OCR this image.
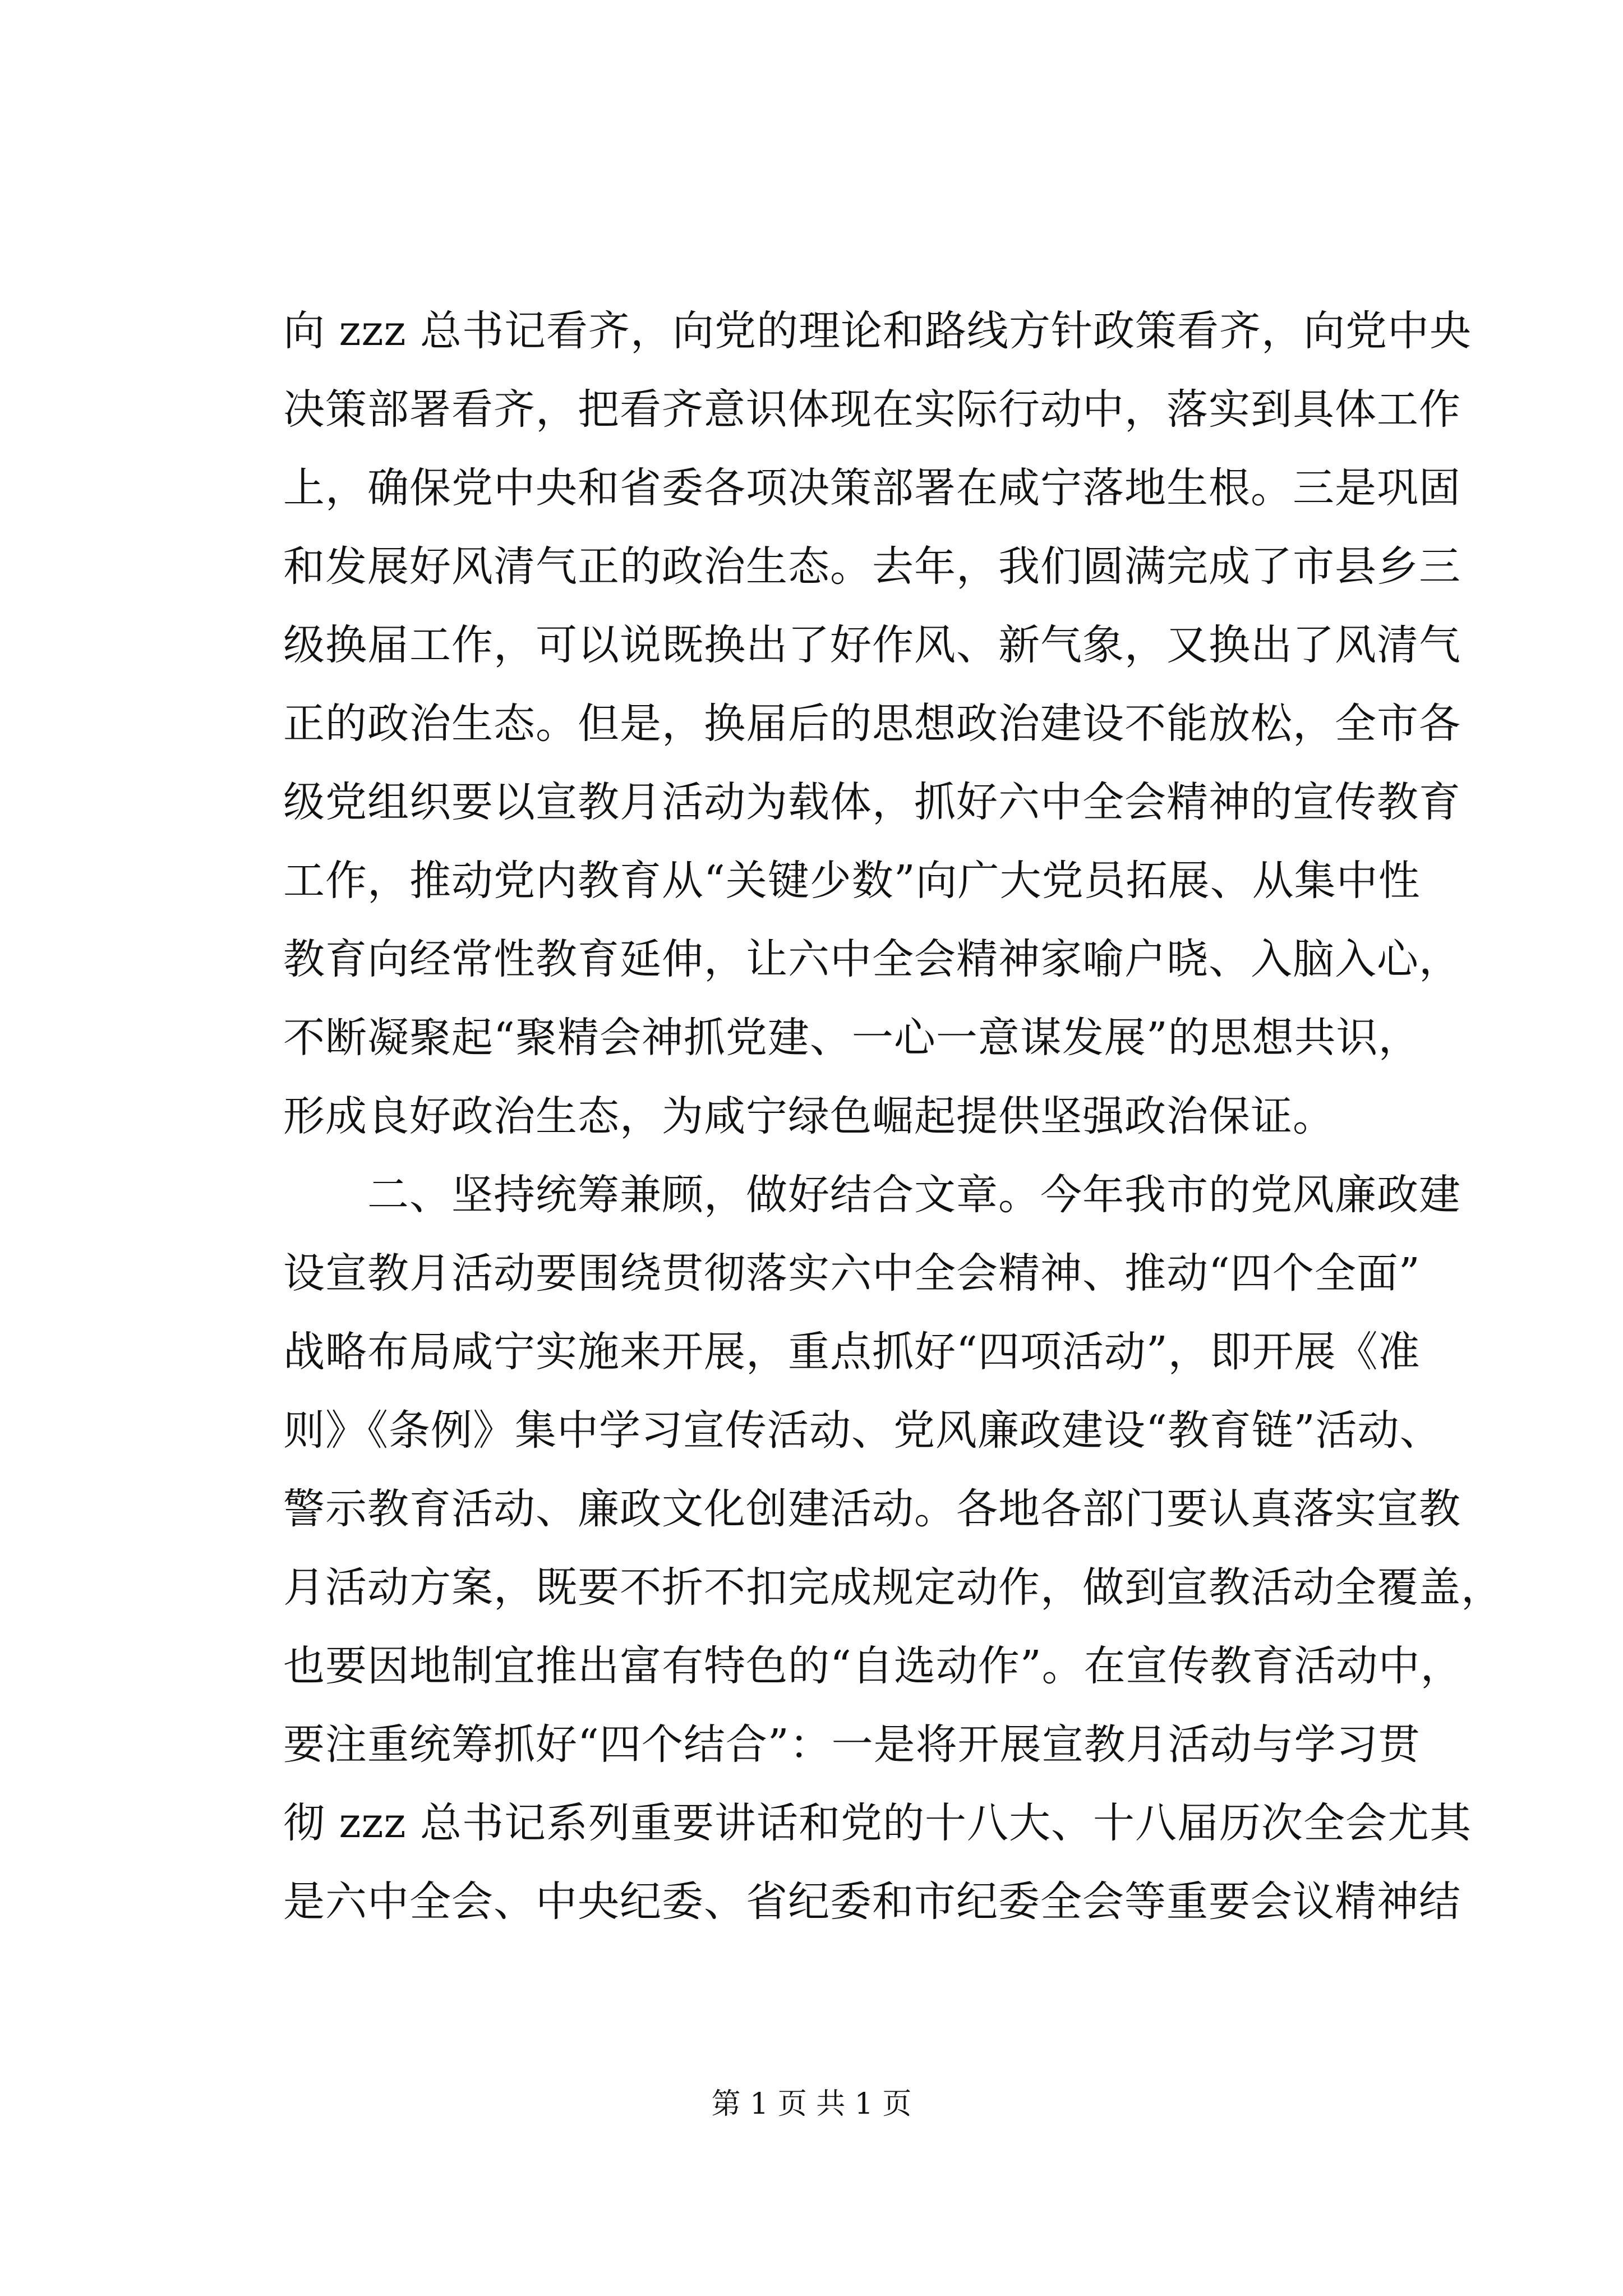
向 zzz 总书记看齐，向党的理论和路线方针政策看齐，向党中央
决策部署看齐，把看齐意识体现在实际行动中，落实到具体工作
上，确保党中央和省委各项决策部署在咸宁落地生根。三是巩固
和发展好风清气正的政治生态。去年，我们圆满完成了市县乡三
级换届工作，可以说既换出了好作风、新气象，又换出了风清气
正的政治生态。但是，换届后的思想政治建设不能放松，全市各
级党组织要以宣教月活动为载体，抓好六中全会精神的宣传教育
工作，推动党内教育从“关键少数”向广大党员拓展、从集中性
教育向经常性教育延伸，让六中全会精神家喻户晓、入脑入心，
不断凝聚起“聚精会神抓党建、一心一意谋发展”的思想共识，
形成良好政治生态，为咸宁绿色崛起提供坚强政治保证。
　　二、坚持统筹兼顾，做好结合文章。今年我市的党风廉政建
设宣教月活动要围绕贯彻落实六中全会精神、推动“四个全面”
战略布局咸宁实施来开展，重点抓好“四项活动”，即开展《准
则》《条例》集中学习宣传活动、党风廉政建设“教育链”活动、
警示教育活动、廉政文化创建活动。各地各部门要认真落实宣教
月活动方案，既要不折不扣完成规定动作，做到宣教活动全覆盖，
也要因地制宜推出富有特色的“自选动作”。在宣传教育活动中，
要注重统筹抓好“四个结合”：一是将开展宣教月活动与学习贯
彻 zzz 总书记系列重要讲话和党的十八大、十八届历次全会尤其
是六中全会、中央纪委、省纪委和市纪委全会等重要会议精神结
第 1 页 共 1 页
